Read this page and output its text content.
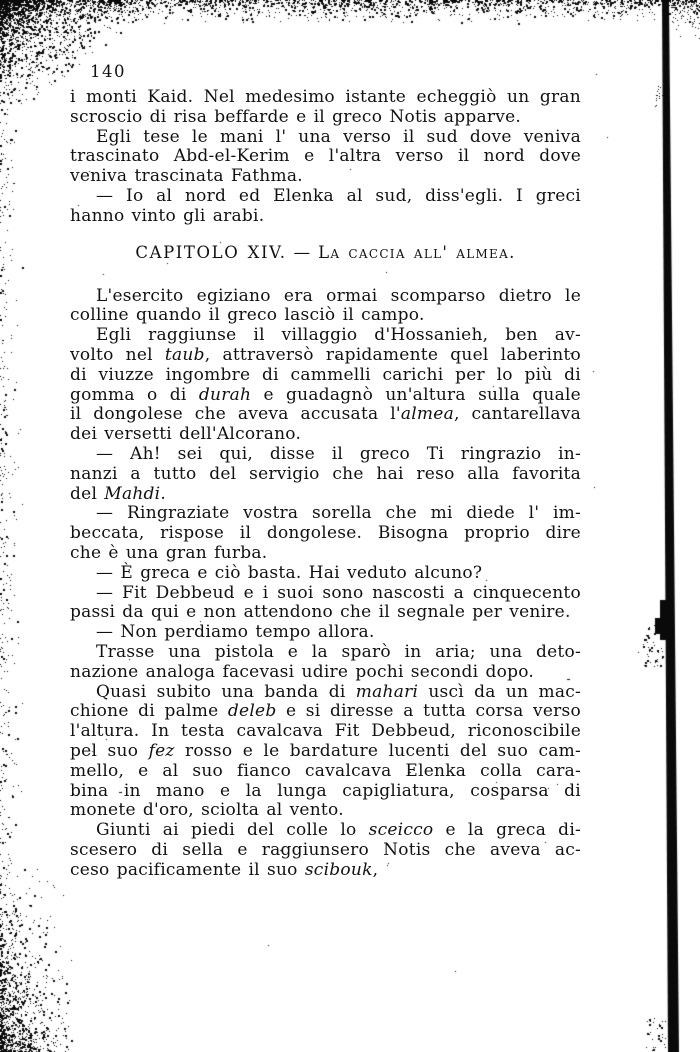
140
i monti Kaid. Nel medesimo istante echeggiò un gran
scroscio di risa beffarde e il greco Notis apparve.
Egli tese le mani l' una verso il sud dove veniva
trascinato Abd-el-Kerim e l'altra verso il nord dove
veniva trascinata Fathma.
— Io al nord ed Elenka al sud, diss'egli. I greci
hanno vinto gli arabi.
CAPITOLO XIV. — La caccia all' almea.
L'esercito egiziano era ormai scomparso dietro le
colline quando il greco lasciò il campo.
Egli raggiunse il villaggio d'Hossanieh, ben av-
volto nel taub, attraversò rapidamente quel laberinto
di viuzze ingombre di cammelli carichi per lo più di
gomma o di durah e guadagnò un'altura sulla quale
il dongolese che aveva accusata l'almea, cantarellava
dei versetti dell'Alcorano.
— Ah! sei qui, disse il greco Ti ringrazio in-
nanzi a tutto del servigio che hai reso alla favorita
del Mahdi.
— Ringraziate vostra sorella che mi diede l' im-
beccata, rispose il dongolese. Bisogna proprio dire
che è una gran furba.
— È greca e ciò basta. Hai veduto alcuno?
— Fit Debbeud e i suoi sono nascosti a cinquecento
passi da qui e non attendono che il segnale per venire.
— Non perdiamo tempo allora.
Trasse una pistola e la sparò in aria; una deto-
nazione analoga facevasi udire pochi secondi dopo.
Quasi subito una banda di mahari uscì da un mac-
chione di palme deleb e si diresse a tutta corsa verso
l'altura. In testa cavalcava Fit Debbeud, riconoscibile
pel suo fez rosso e le bardature lucenti del suo cam-
mello, e al suo fianco cavalcava Elenka colla cara-
bina in mano e la lunga capigliatura, cosparsa di
monete d'oro, sciolta al vento.
Giunti ai piedi del colle lo sceicco e la greca di-
scesero di sella e raggiunsero Notis che aveva ac-
ceso pacificamente il suo scibouk,
